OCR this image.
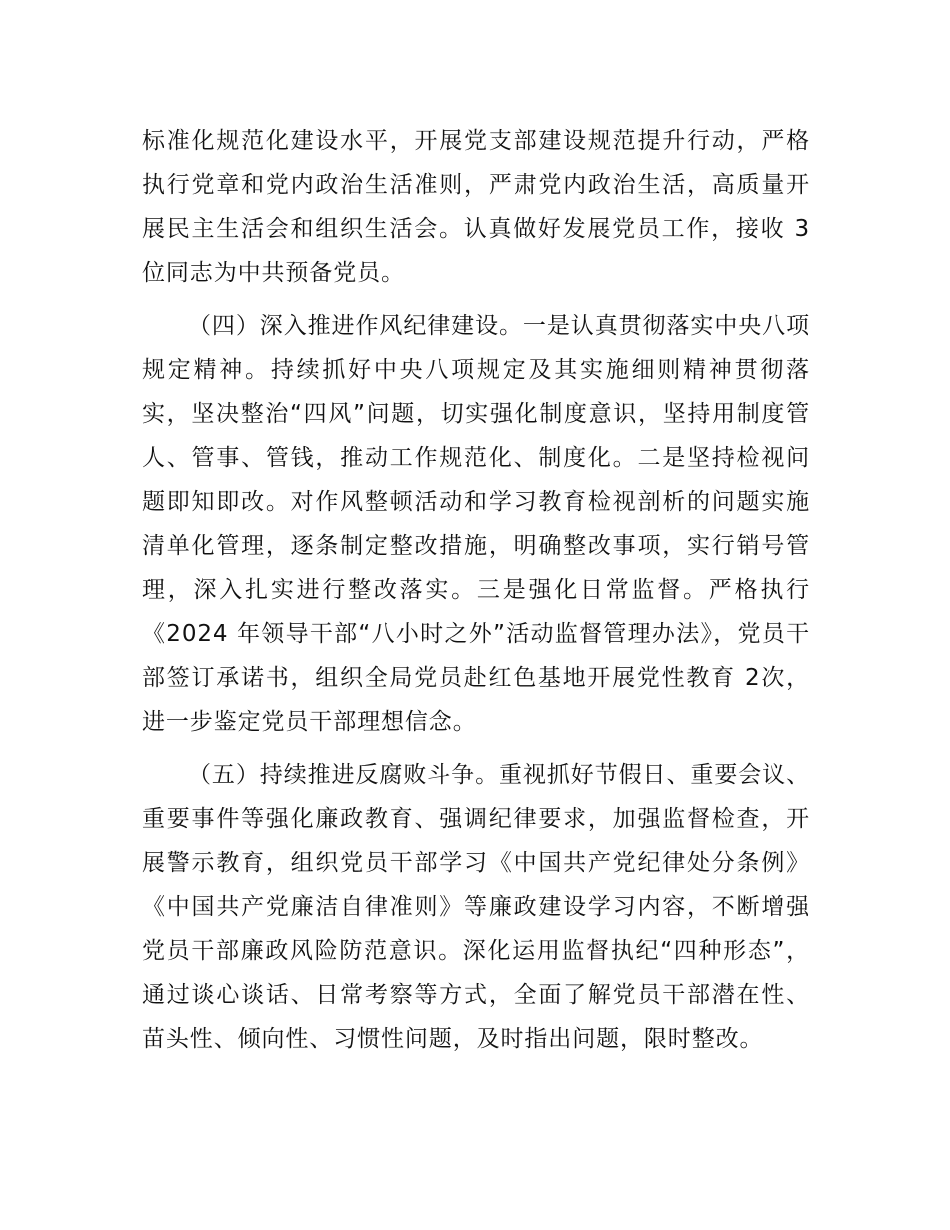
标准化规范化建设水平，开展党支部建设规范提升行动，严格执行党章和党内政治生活准则，严肃党内政治生活，高质量开展民主生活会和组织生活会。认真做好发展党员工作，接收 3位同志为中共预备党员。

（四）深入推进作风纪律建设。一是认真贯彻落实中央八项规定精神。持续抓好中央八项规定及其实施细则精神贯彻落实，坚决整治“四风”问题，切实强化制度意识，坚持用制度管人、管事、管钱，推动工作规范化、制度化。二是坚持检视问题即知即改。对作风整顿活动和学习教育检视剖析的问题实施清单化管理，逐条制定整改措施，明确整改事项，实行销号管理，深入扎实进行整改落实。三是强化日常监督。严格执行《2024 年领导干部“八小时之外”活动监督管理办法》，党员干部签订承诺书，组织全局党员赴红色基地开展党性教育 2次，进一步鉴定党员干部理想信念。

（五）持续推进反腐败斗争。重视抓好节假日、重要会议、重要事件等强化廉政教育、强调纪律要求，加强监督检查，开展警示教育，组织党员干部学习《中国共产党纪律处分条例》《中国共产党廉洁自律准则》等廉政建设学习内容，不断增强党员干部廉政风险防范意识。深化运用监督执纪“四种形态”，通过谈心谈话、日常考察等方式，全面了解党员干部潜在性、苗头性、倾向性、习惯性问题，及时指出问题，限时整改。
